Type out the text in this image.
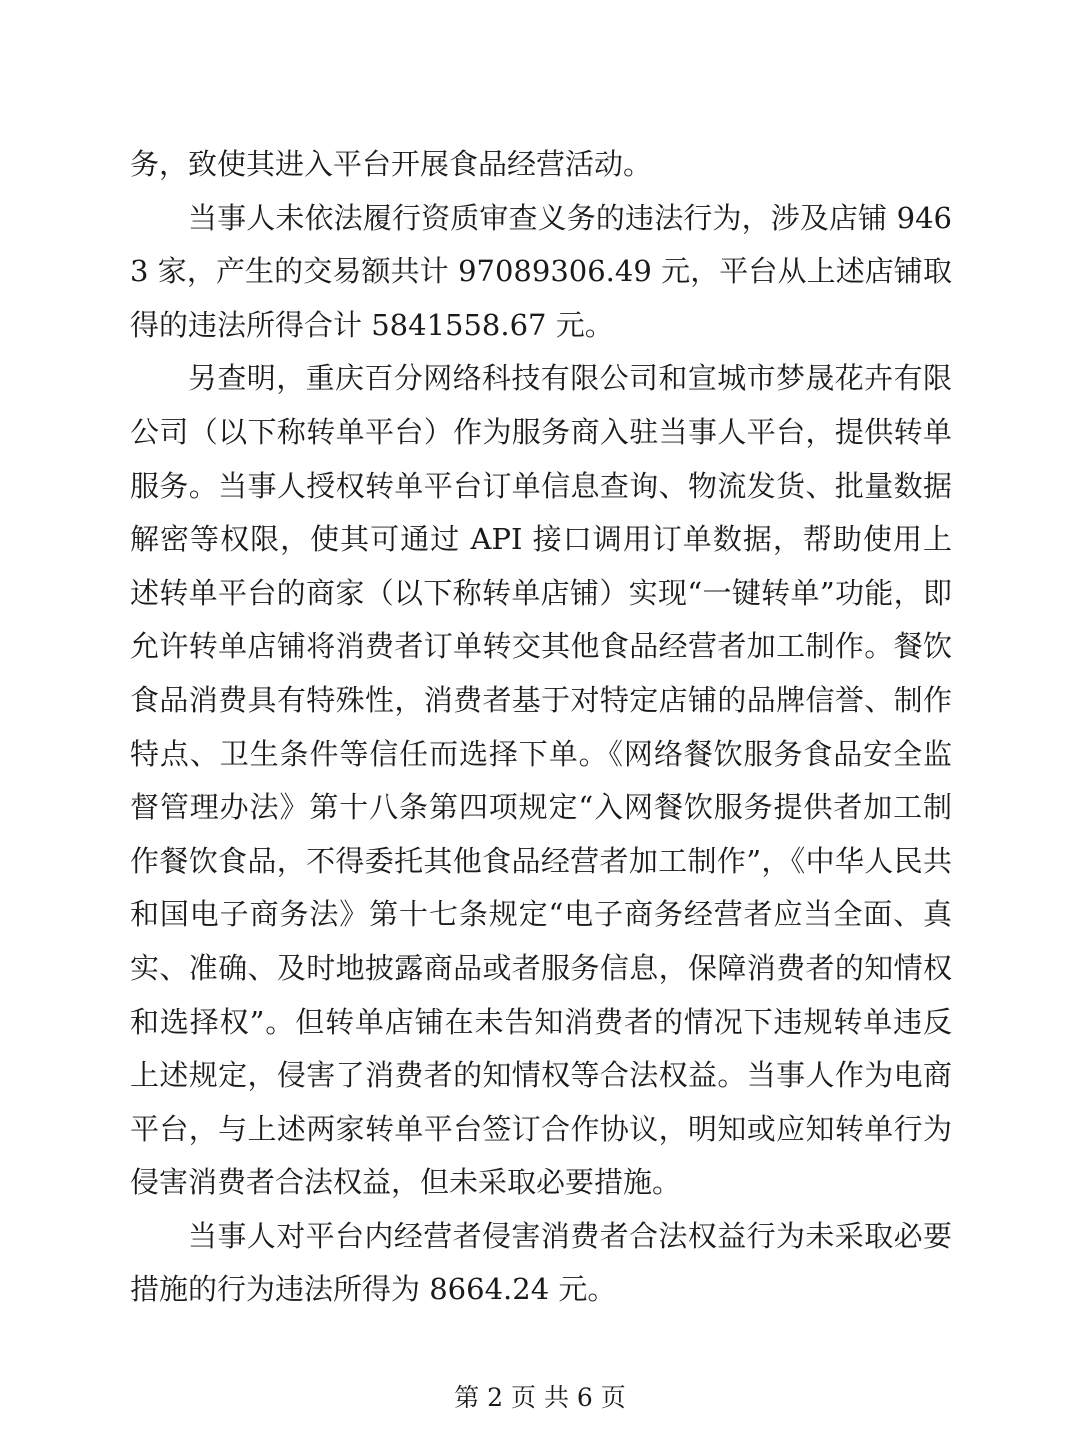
务，致使其进入平台开展食品经营活动。

当事人未依法履行资质审查义务的违法行为，涉及店铺 9463 家，产生的交易额共计 97089306.49 元，平台从上述店铺取得的违法所得合计 5841558.67 元。

另查明，重庆百分网络科技有限公司和宣城市梦晟花卉有限公司（以下称转单平台）作为服务商入驻当事人平台，提供转单服务。当事人授权转单平台订单信息查询、物流发货、批量数据解密等权限，使其可通过 API 接口调用订单数据，帮助使用上述转单平台的商家（以下称转单店铺）实现“一键转单”功能，即允许转单店铺将消费者订单转交其他食品经营者加工制作。餐饮食品消费具有特殊性，消费者基于对特定店铺的品牌信誉、制作特点、卫生条件等信任而选择下单。《网络餐饮服务食品安全监督管理办法》第十八条第四项规定“入网餐饮服务提供者加工制作餐饮食品，不得委托其他食品经营者加工制作”，《中华人民共和国电子商务法》第十七条规定“电子商务经营者应当全面、真实、准确、及时地披露商品或者服务信息，保障消费者的知情权和选择权”。但转单店铺在未告知消费者的情况下违规转单违反上述规定，侵害了消费者的知情权等合法权益。当事人作为电商平台，与上述两家转单平台签订合作协议，明知或应知转单行为侵害消费者合法权益，但未采取必要措施。

当事人对平台内经营者侵害消费者合法权益行为未采取必要措施的行为违法所得为 8664.24 元。

第 2 页 共 6 页
